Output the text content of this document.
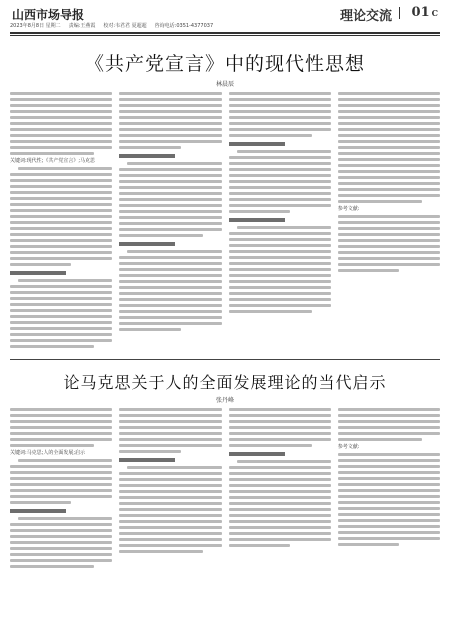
山西市场导报	理论交流 01 C
2023年8月8日 星期二 责编:王燕霞 校对:韦君君 夏超超 咨询电话:0351-4377037
《共产党宣言》中的现代性思想
林晨辰
关键词:现代性;《共产党宣言》;马克思
参考文献:
论马克思关于人的全面发展理论的当代启示
张丹峰
关键词:马克思;人的全面发展;启示
参考文献:
